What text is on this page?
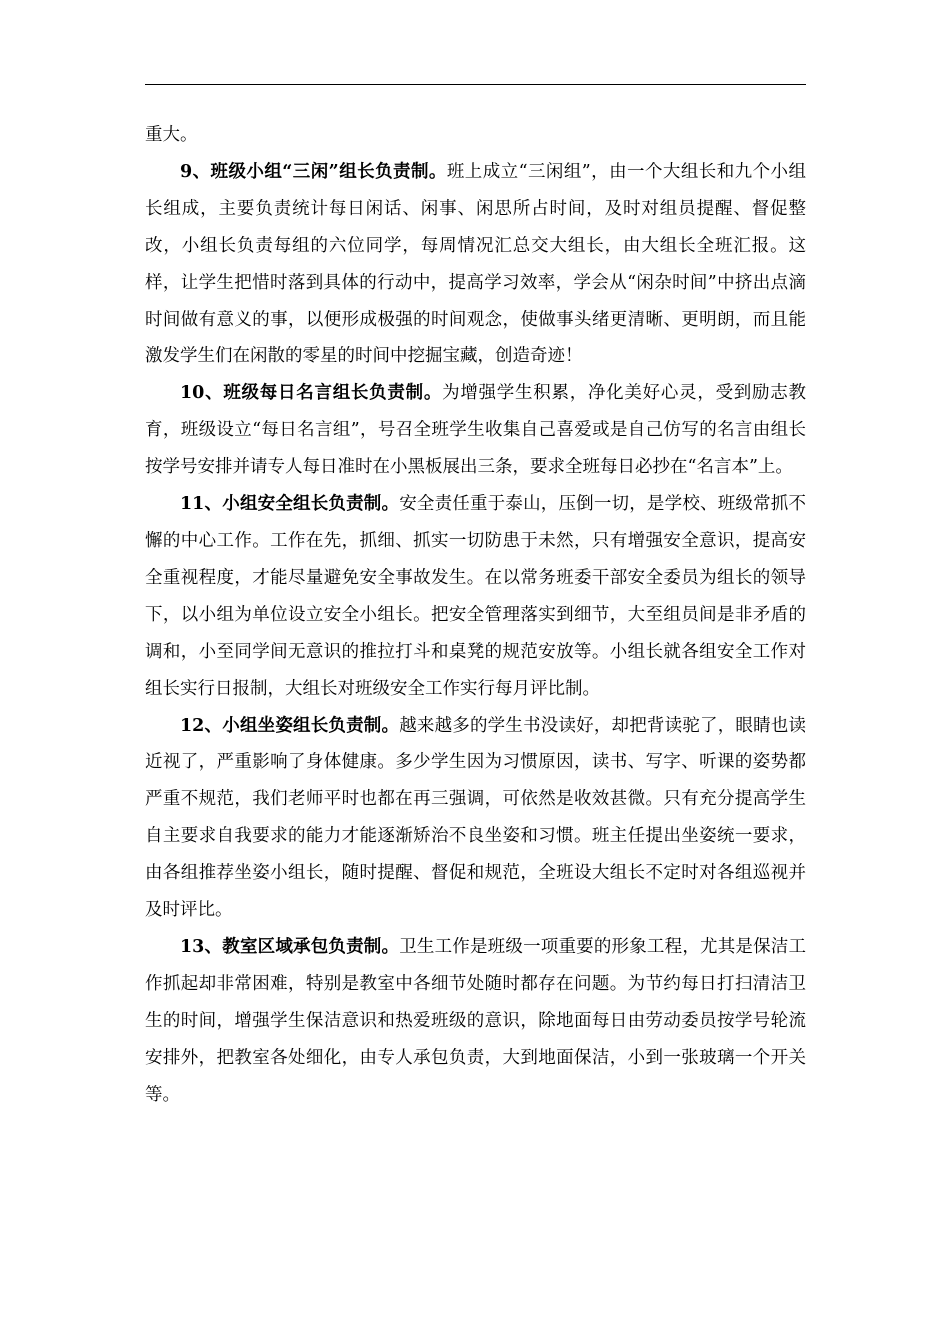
重大。

9、班级小组“三闲”组长负责制。班上成立“三闲组”，由一个大组长和九个小组长组成，主要负责统计每日闲话、闲事、闲思所占时间，及时对组员提醒、督促整改，小组长负责每组的六位同学，每周情况汇总交大组长，由大组长全班汇报。这样，让学生把惜时落到具体的行动中，提高学习效率，学会从“闲杂时间”中挤出点滴时间做有意义的事，以便形成极强的时间观念，使做事头绪更清晰、更明朗，而且能激发学生们在闲散的零星的时间中挖掘宝藏，创造奇迹！

10、班级每日名言组长负责制。为增强学生积累，净化美好心灵，受到励志教育，班级设立“每日名言组”，号召全班学生收集自己喜爱或是自己仿写的名言由组长按学号安排并请专人每日准时在小黑板展出三条，要求全班每日必抄在“名言本”上。

11、小组安全组长负责制。安全责任重于泰山，压倒一切，是学校、班级常抓不懈的中心工作。工作在先，抓细、抓实一切防患于未然，只有增强安全意识，提高安全重视程度，才能尽量避免安全事故发生。在以常务班委干部安全委员为组长的领导下，以小组为单位设立安全小组长。把安全管理落实到细节，大至组员间是非矛盾的调和，小至同学间无意识的推拉打斗和桌凳的规范安放等。小组长就各组安全工作对组长实行日报制，大组长对班级安全工作实行每月评比制。

12、小组坐姿组长负责制。越来越多的学生书没读好，却把背读驼了，眼睛也读近视了，严重影响了身体健康。多少学生因为习惯原因，读书、写字、听课的姿势都严重不规范，我们老师平时也都在再三强调，可依然是收效甚微。只有充分提高学生自主要求自我要求的能力才能逐渐矫治不良坐姿和习惯。班主任提出坐姿统一要求，由各组推荐坐姿小组长，随时提醒、督促和规范，全班设大组长不定时对各组巡视并及时评比。

13、教室区域承包负责制。卫生工作是班级一项重要的形象工程，尤其是保洁工作抓起却非常困难，特别是教室中各细节处随时都存在问题。为节约每日打扫清洁卫生的时间，增强学生保洁意识和热爱班级的意识，除地面每日由劳动委员按学号轮流安排外，把教室各处细化，由专人承包负责，大到地面保洁，小到一张玻璃一个开关等。
